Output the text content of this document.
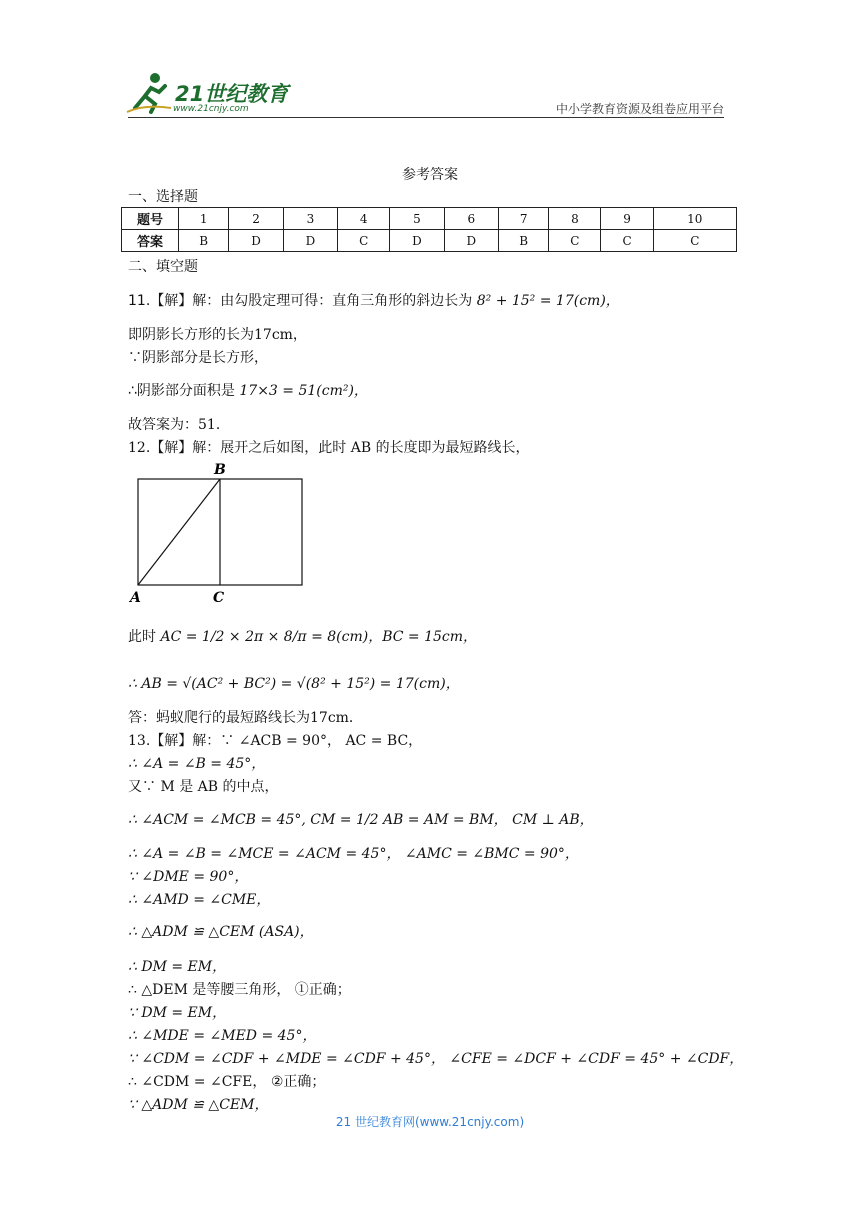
21世纪教育
www.21cnjy.com	中小学教育资源及组卷应用平台
参考答案
一、选择题
题号	1	2	3	4	5	6	7	8	9	10
答案	B	D	D	C	D	D	B	C	C	C
二、填空题
11.【解】解：由勾股定理可得：直角三角形的斜边长为 8² + 15² = 17(cm)，
即阴影长方形的长为17cm，
∵阴影部分是长方形，
∴阴影部分面积是 17×3 = 51(cm²)，
故答案为：51．
12.【解】解：展开之后如图，此时 AB 的长度即为最短路线长，
B
A	C
此时 AC = 1/2 × 2π × 8/π = 8(cm)，BC = 15cm，
∴ AB = √(AC² + BC²) = √(8² + 15²) = 17(cm)，
答：蚂蚁爬行的最短路线长为17cm．
13.【解】解：∵ ∠ACB = 90°， AC = BC，
∴ ∠A = ∠B = 45°，
又∵ M 是 AB 的中点，
∴ ∠ACM = ∠MCB = 45°, CM = 1/2 AB = AM = BM， CM ⊥ AB，
∴ ∠A = ∠B = ∠MCE = ∠ACM = 45°， ∠AMC = ∠BMC = 90°，
∵ ∠DME = 90°，
∴ ∠AMD = ∠CME，
∴ △ADM ≌ △CEM (ASA)，
∴ DM = EM，
∴ △DEM 是等腰三角形， ①正确；
∵ DM = EM，
∴ ∠MDE = ∠MED = 45°，
∵ ∠CDM = ∠CDF + ∠MDE = ∠CDF + 45°， ∠CFE = ∠DCF + ∠CDF = 45° + ∠CDF，
∴ ∠CDM = ∠CFE， ②正确；
∵ △ADM ≌ △CEM，
21 世纪教育网(www.21cnjy.com)
